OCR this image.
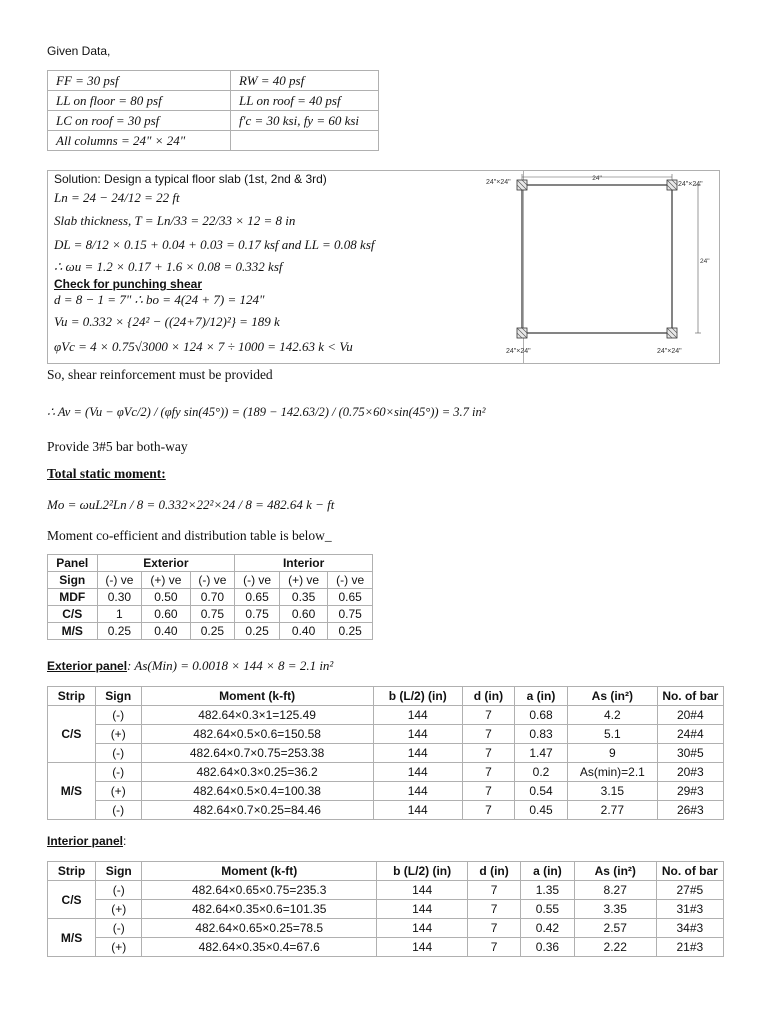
Given Data,
FF = 30 psf	RW = 40 psf
LL on floor = 80 psf	LL on roof = 40 psf
LC on roof = 30 psf	f′c = 30 ksi, fy = 60 ksi
All columns = 24" × 24"	
Solution: Design a typical floor slab (1st, 2nd & 3rd)
Ln = 24 − 24/12 = 22 ft
Slab thickness, T = Ln/33 = 22/33 × 12 = 8 in
DL = 8/12 × 0.15 + 0.04 + 0.03 = 0.17 ksf and LL = 0.08 ksf
∴ ωu = 1.2 × 0.17 + 1.6 × 0.08 = 0.332 ksf
Check for punching shear
d = 8 − 1 = 7" ∴ bo = 4(24 + 7) = 124"
Vu = 0.332 × {24² − ((24+7)/12)²} = 189 k
φVc = 4 × 0.75√3000 × 124 × 7 ÷ 1000 = 142.63 k < Vu
24"
24"
24"×24"	24"×24"
24"×24"	24"×24"
So, shear reinforcement must be provided
∴ Av = (Vu − φVc/2) / (φfy sin(45°)) = (189 − 142.63/2) / (0.75×60×sin(45°)) = 3.7 in²
Provide 3#5 bar both-way
Total static moment:
Mo = ωuL2²Ln / 8 = 0.332×22²×24 / 8 = 482.64 k − ft
Moment co-efficient and distribution table is below_
Panel	Exterior			Interior		
Sign	(-) ve	(+) ve	(-) ve	(-) ve	(+) ve	(-) ve
MDF	0.30	0.50	0.70	0.65	0.35	0.65
C/S	1	0.60	0.75	0.75	0.60	0.75
M/S	0.25	0.40	0.25	0.25	0.40	0.25
Exterior panel: As(Min) = 0.0018 × 144 × 8 = 2.1 in²
Strip	Sign	Moment (k-ft)	b (L/2) (in)	d (in)	a (in)	As (in²)	No. of bar
C/S	(-)	482.64×0.3×1=125.49	144	7	0.68	4.2	20#4
	(+)	482.64×0.5×0.6=150.58	144	7	0.83	5.1	24#4
	(-)	482.64×0.7×0.75=253.38	144	7	1.47	9	30#5
M/S	(-)	482.64×0.3×0.25=36.2	144	7	0.2	As(min)=2.1	20#3
	(+)	482.64×0.5×0.4=100.38	144	7	0.54	3.15	29#3
	(-)	482.64×0.7×0.25=84.46	144	7	0.45	2.77	26#3
Interior panel:
Strip	Sign	Moment (k-ft)	b (L/2) (in)	d (in)	a (in)	As (in²)	No. of bar
C/S	(-)	482.64×0.65×0.75=235.3	144	7	1.35	8.27	27#5
	(+)	482.64×0.35×0.6=101.35	144	7	0.55	3.35	31#3
M/S	(-)	482.64×0.65×0.25=78.5	144	7	0.42	2.57	34#3
	(+)	482.64×0.35×0.4=67.6	144	7	0.36	2.22	21#3
